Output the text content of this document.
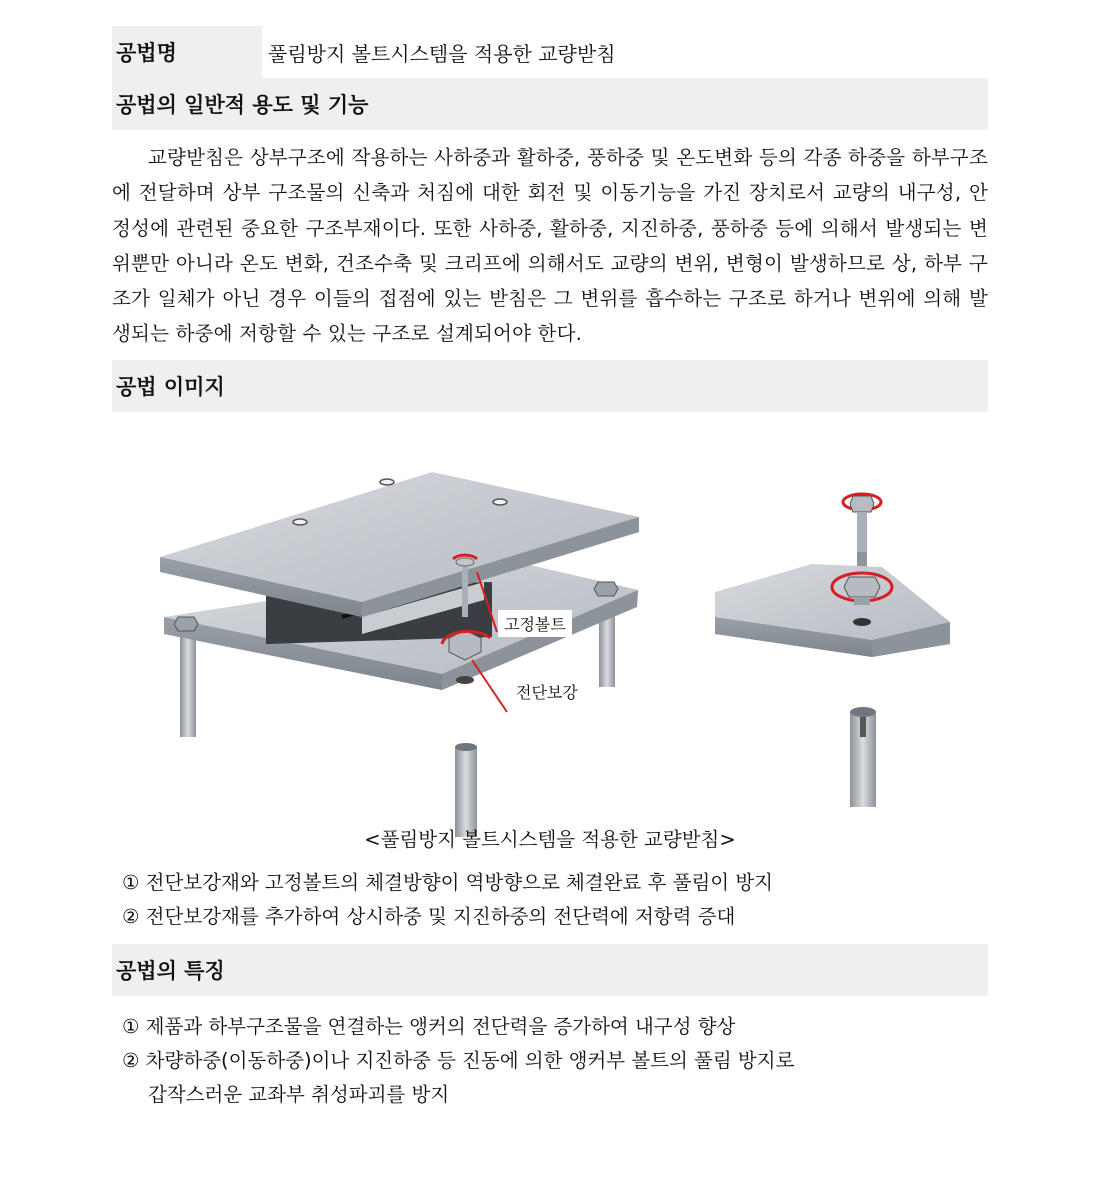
공법명	풀림방지 볼트시스템을 적용한 교량받침
공법의 일반적 용도 및 기능
교량받침은 상부구조에 작용하는 사하중과 활하중, 풍하중 및 온도변화 등의 각종 하중을 하부구조에 전달하며 상부 구조물의 신축과 처짐에 대한 회전 및 이동기능을 가진 장치로서 교량의 내구성, 안정성에 관련된 중요한 구조부재이다. 또한 사하중, 활하중, 지진하중, 풍하중 등에 의해서 발생되는 변위뿐만 아니라 온도 변화, 건조수축 및 크리프에 의해서도 교량의 변위, 변형이 발생하므로 상, 하부 구조가 일체가 아닌 경우 이들의 접점에 있는 받침은 그 변위를 흡수하는 구조로 하거나 변위에 의해 발생되는 하중에 저항할 수 있는 구조로 설계되어야 한다.
공법 이미지
고정볼트
전단보강
<풀림방지 볼트시스템을 적용한 교량받침>
① 전단보강재와 고정볼트의 체결방향이 역방향으로 체결완료 후 풀림이 방지
② 전단보강재를 추가하여 상시하중 및 지진하중의 전단력에 저항력 증대
공법의 특징
① 제품과 하부구조물을 연결하는 앵커의 전단력을 증가하여 내구성 향상
② 차량하중(이동하중)이나 지진하중 등 진동에 의한 앵커부 볼트의 풀림 방지로
갑작스러운 교좌부 취성파괴를 방지
